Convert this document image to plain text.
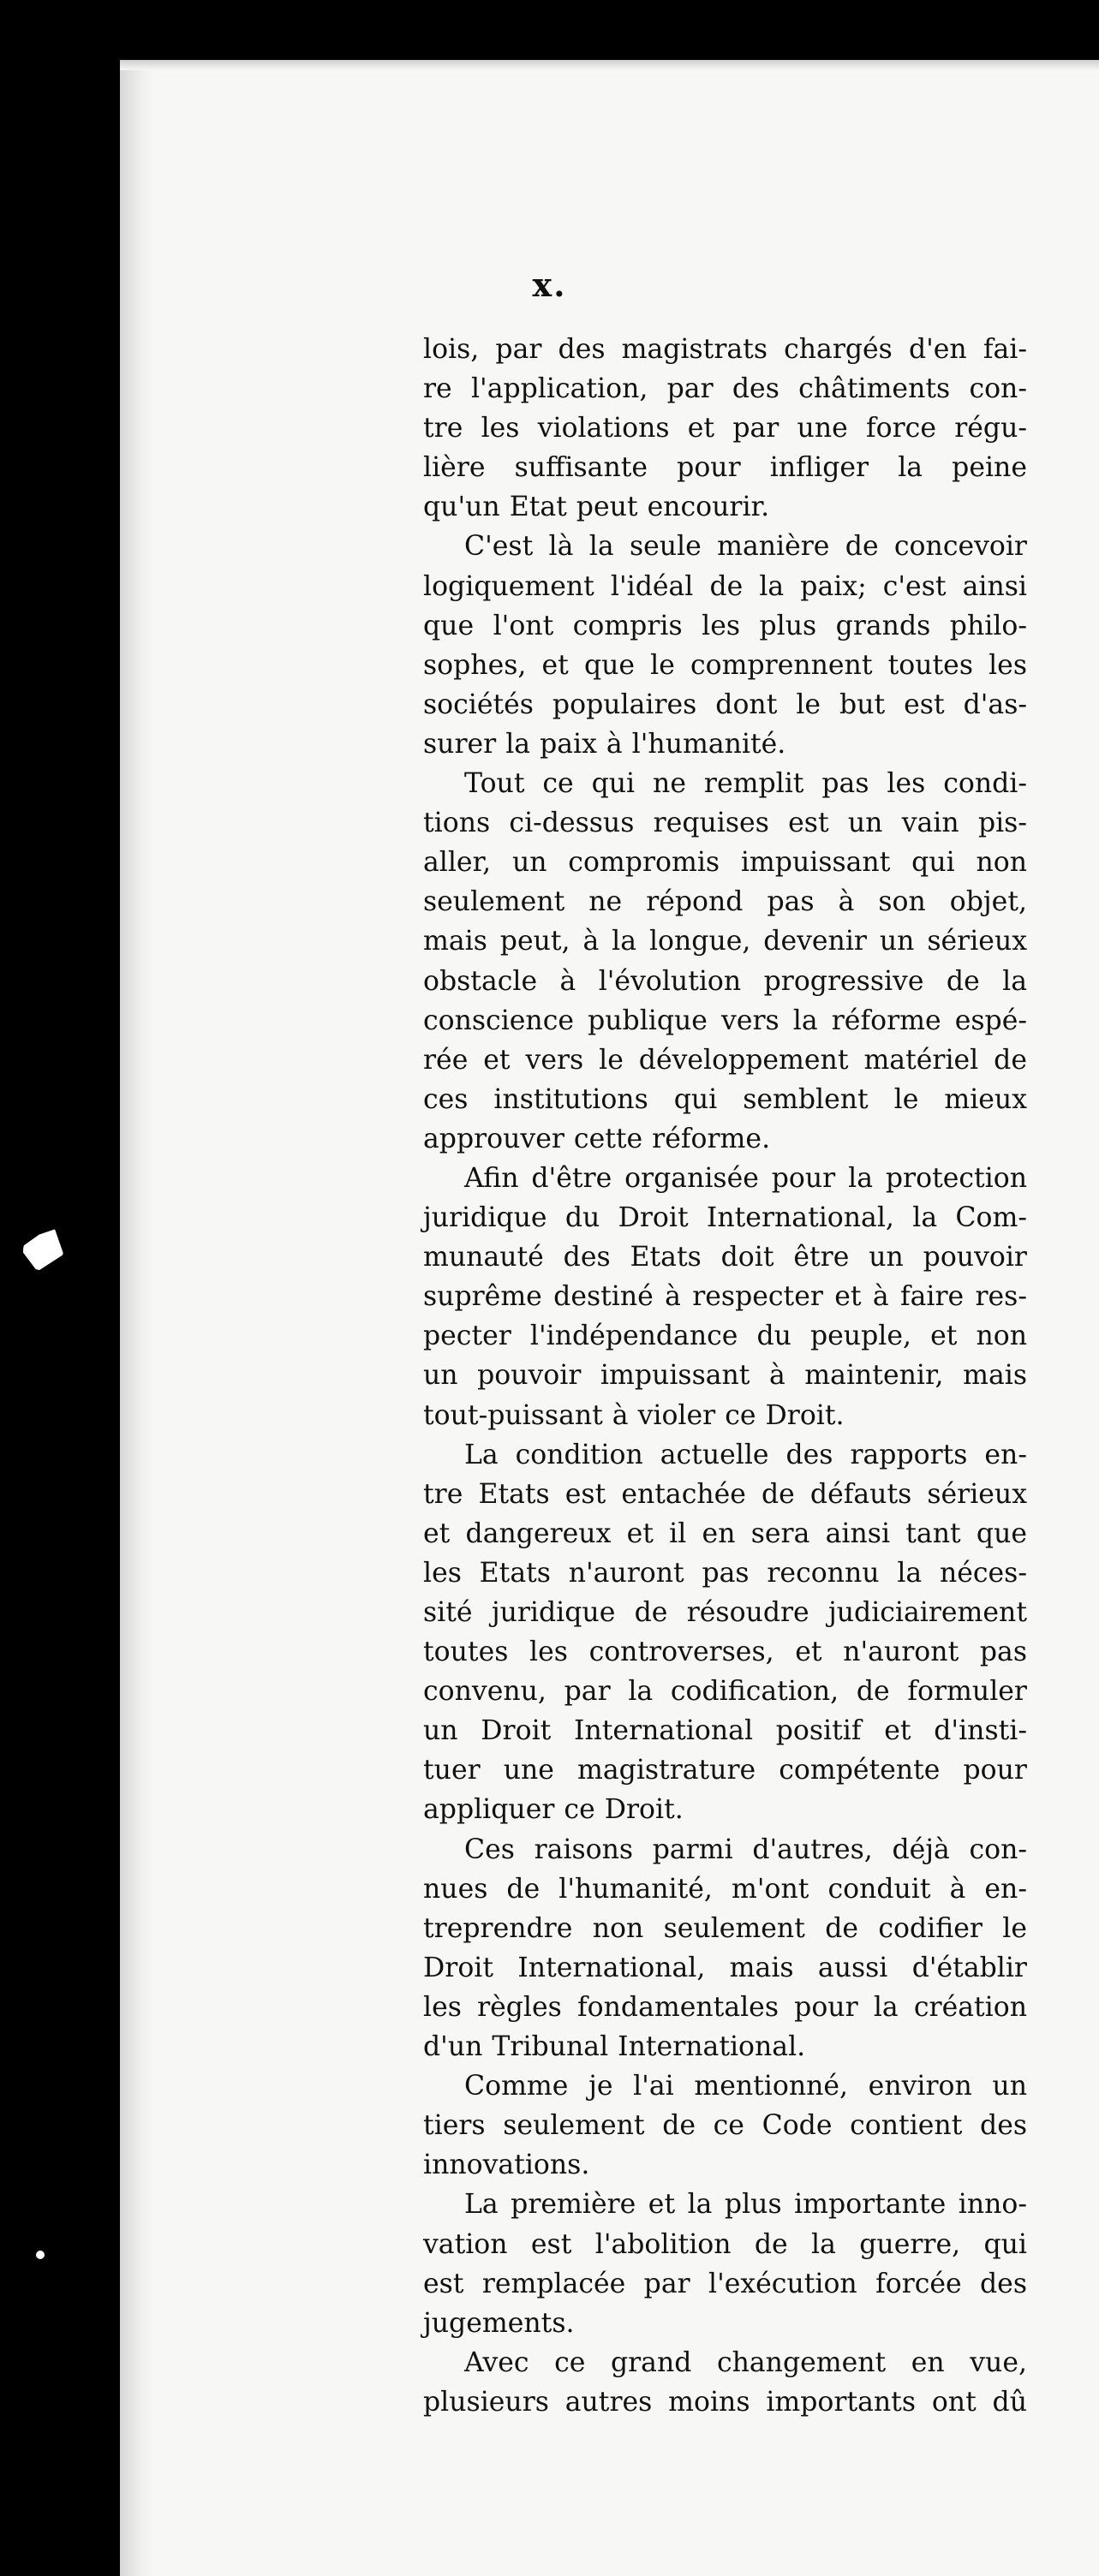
x.

lois, par des magistrats chargés d'en fai-

re l'application, par des châtiments con-

tre les violations et par une force régu-

lière suffisante pour infliger la peine

qu'un Etat peut encourir.

C'est là la seule manière de concevoir

logiquement l'idéal de la paix; c'est ainsi

que l'ont compris les plus grands philo-

sophes, et que le comprennent toutes les

sociétés populaires dont le but est d'as-

surer la paix à l'humanité.

Tout ce qui ne remplit pas les condi-

tions ci-dessus requises est un vain pis-

aller, un compromis impuissant qui non

seulement ne répond pas à son objet,

mais peut, à la longue, devenir un sérieux

obstacle à l'évolution progressive de la

conscience publique vers la réforme espé-

rée et vers le développement matériel de

ces institutions qui semblent le mieux

approuver cette réforme.

Afin d'être organisée pour la protection

juridique du Droit International, la Com-

munauté des Etats doit être un pouvoir

suprême destiné à respecter et à faire res-

pecter l'indépendance du peuple, et non

un pouvoir impuissant à maintenir, mais

tout-puissant à violer ce Droit.

La condition actuelle des rapports en-

tre Etats est entachée de défauts sérieux

et dangereux et il en sera ainsi tant que

les Etats n'auront pas reconnu la néces-

sité juridique de résoudre judiciairement

toutes les controverses, et n'auront pas

convenu, par la codification, de formuler

un Droit International positif et d'insti-

tuer une magistrature compétente pour

appliquer ce Droit.

Ces raisons parmi d'autres, déjà con-

nues de l'humanité, m'ont conduit à en-

treprendre non seulement de codifier le

Droit International, mais aussi d'établir

les règles fondamentales pour la création

d'un Tribunal International.

Comme je l'ai mentionné, environ un

tiers seulement de ce Code contient des

innovations.

La première et la plus importante inno-

vation est l'abolition de la guerre, qui

est remplacée par l'exécution forcée des

jugements.

Avec ce grand changement en vue,

plusieurs autres moins importants ont dû
